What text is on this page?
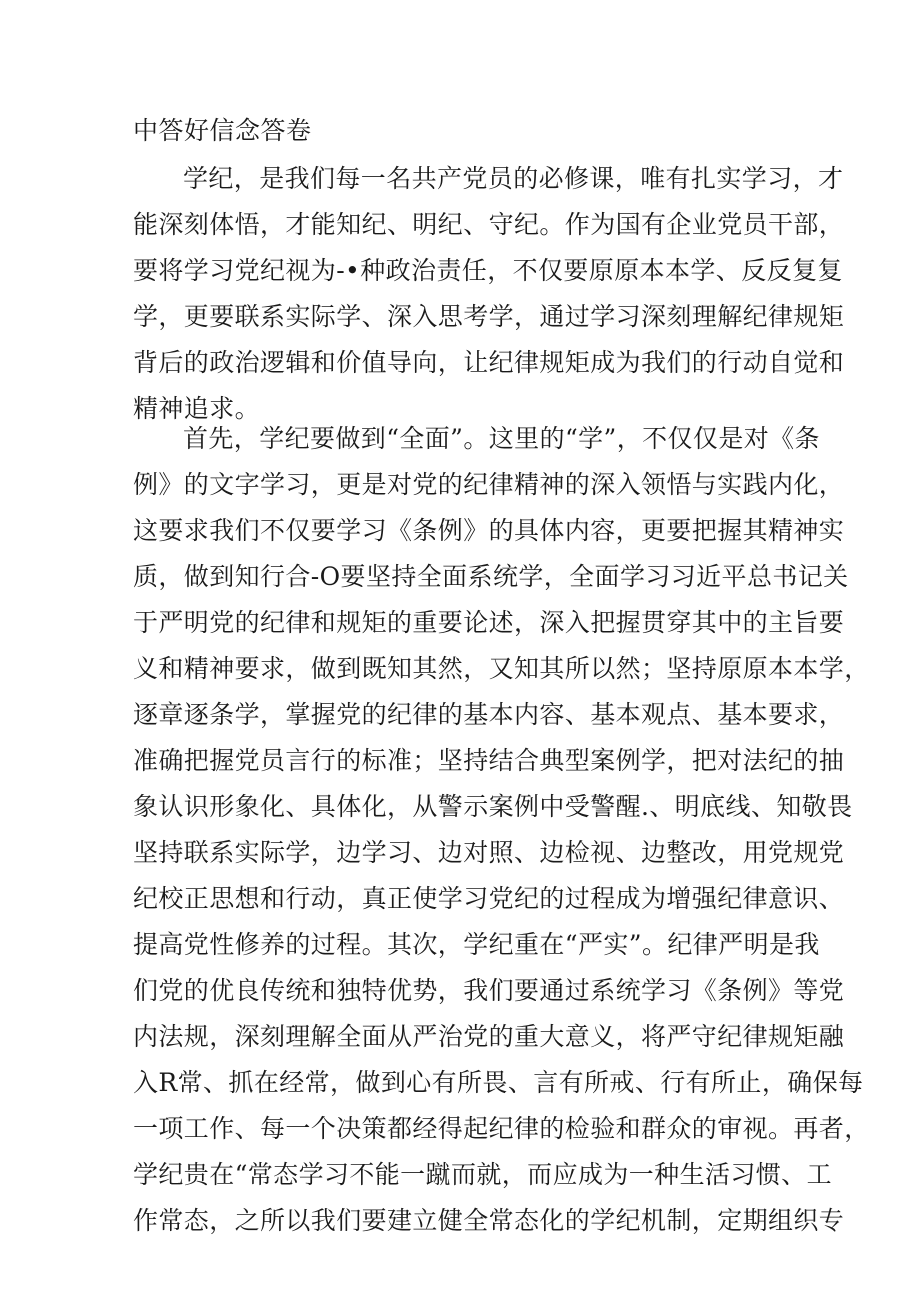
中答好信念答卷
学纪，是我们每一名共产党员的必修课，唯有扎实学习，才
能深刻体悟，才能知纪、明纪、守纪。作为国有企业党员干部，
要将学习党纪视为-•种政治责任，不仅要原原本本学、反反复复
学，更要联系实际学、深入思考学，通过学习深刻理解纪律规矩
背后的政治逻辑和价值导向，让纪律规矩成为我们的行动自觉和
精神追求。
首先，学纪要做到“全面”。这里的“学”，不仅仅是对《条
例》的文字学习，更是对党的纪律精神的深入领悟与实践内化，
这要求我们不仅要学习《条例》的具体内容，更要把握其精神实
质，做到知行合-O要坚持全面系统学，全面学习习近平总书记关
于严明党的纪律和规矩的重要论述，深入把握贯穿其中的主旨要
义和精神要求，做到既知其然，又知其所以然；坚持原原本本学，
逐章逐条学，掌握党的纪律的基本内容、基本观点、基本要求，
准确把握党员言行的标准；坚持结合典型案例学，把对法纪的抽
象认识形象化、具体化，从警示案例中受警醒.、明底线、知敬畏
坚持联系实际学，边学习、边对照、边检视、边整改，用党规党
纪校正思想和行动，真正使学习党纪的过程成为增强纪律意识、
提高党性修养的过程。其次，学纪重在“严实”。纪律严明是我
们党的优良传统和独特优势，我们要通过系统学习《条例》等党
内法规，深刻理解全面从严治党的重大意义，将严守纪律规矩融
入R常、抓在经常，做到心有所畏、言有所戒、行有所止，确保每
一项工作、每一个决策都经得起纪律的检验和群众的审视。再者，
学纪贵在“常态学习不能一蹴而就，而应成为一种生活习惯、工
作常态，之所以我们要建立健全常态化的学纪机制，定期组织专
